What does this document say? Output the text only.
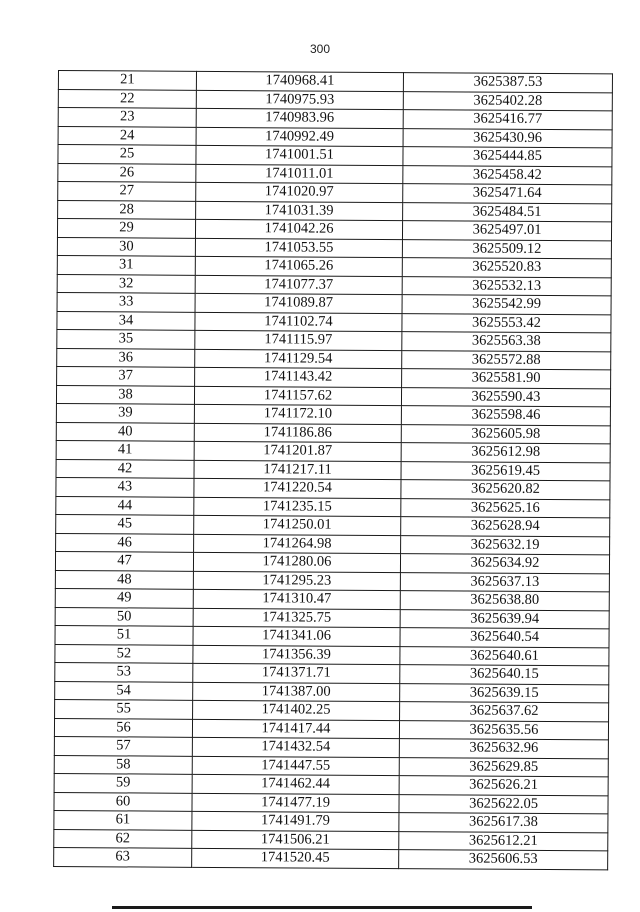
300
21	1740968.41	3625387.53
22	1740975.93	3625402.28
23	1740983.96	3625416.77
24	1740992.49	3625430.96
25	1741001.51	3625444.85
26	1741011.01	3625458.42
27	1741020.97	3625471.64
28	1741031.39	3625484.51
29	1741042.26	3625497.01
30	1741053.55	3625509.12
31	1741065.26	3625520.83
32	1741077.37	3625532.13
33	1741089.87	3625542.99
34	1741102.74	3625553.42
35	1741115.97	3625563.38
36	1741129.54	3625572.88
37	1741143.42	3625581.90
38	1741157.62	3625590.43
39	1741172.10	3625598.46
40	1741186.86	3625605.98
41	1741201.87	3625612.98
42	1741217.11	3625619.45
43	1741220.54	3625620.82
44	1741235.15	3625625.16
45	1741250.01	3625628.94
46	1741264.98	3625632.19
47	1741280.06	3625634.92
48	1741295.23	3625637.13
49	1741310.47	3625638.80
50	1741325.75	3625639.94
51	1741341.06	3625640.54
52	1741356.39	3625640.61
53	1741371.71	3625640.15
54	1741387.00	3625639.15
55	1741402.25	3625637.62
56	1741417.44	3625635.56
57	1741432.54	3625632.96
58	1741447.55	3625629.85
59	1741462.44	3625626.21
60	1741477.19	3625622.05
61	1741491.79	3625617.38
62	1741506.21	3625612.21
63	1741520.45	3625606.53
